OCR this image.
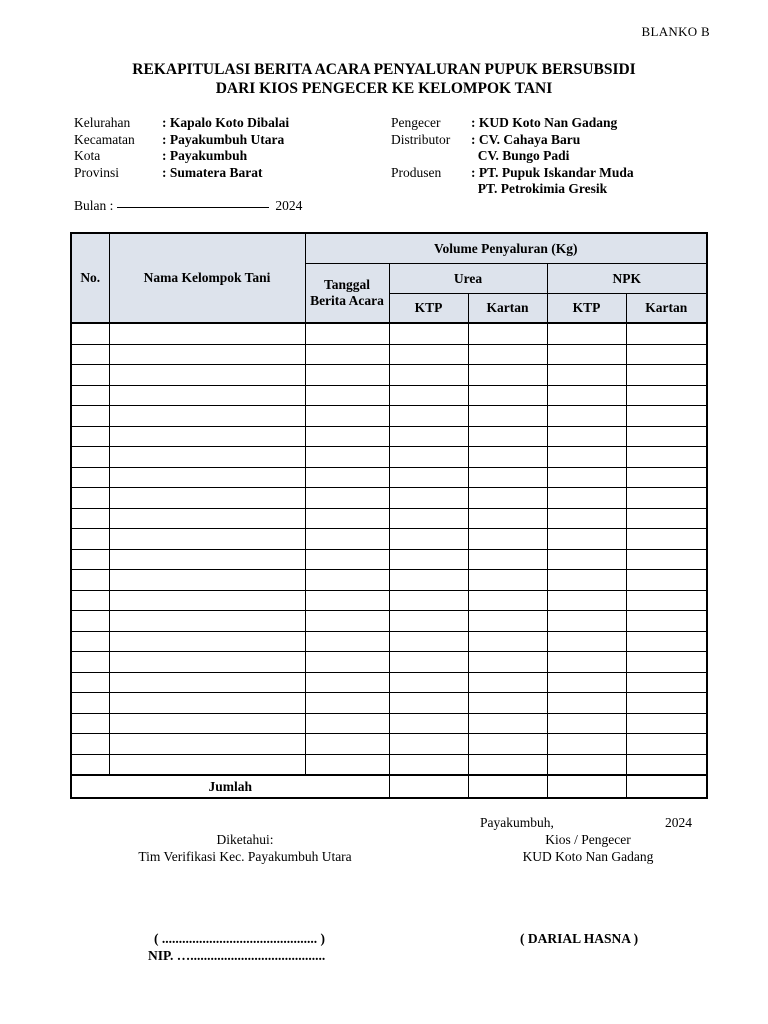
BLANKO B
REKAPITULASI BERITA ACARA PENYALURAN PUPUK BERSUBSIDI
DARI KIOS PENGECER KE KELOMPOK TANI
Kelurahan	: Kapalo Koto Dibalai
Kecamatan	: Payakumbuh Utara
Kota	: Payakumbuh
Provinsi	: Sumatera Barat
Pengecer	: KUD Koto Nan Gadang
Distributor	: CV. Cahaya Baru
CV. Bungo Padi
Produsen	: PT. Pupuk Iskandar Muda
PT. Petrokimia Gresik
Bulan :	2024
No.	Nama Kelompok Tani	Volume Penyaluran (Kg)				
		Tanggal Berita Acara	Urea		NPK	
			KTP	Kartan	KTP	Kartan

Jumlah						
Payakumbuh,	2024
Diketahui:
Tim Verifikasi Kec. Payakumbuh Utara
Kios / Pengecer
KUD Koto Nan Gadang
( .............................................. )
NIP. …........................................
( DARIAL HASNA )
